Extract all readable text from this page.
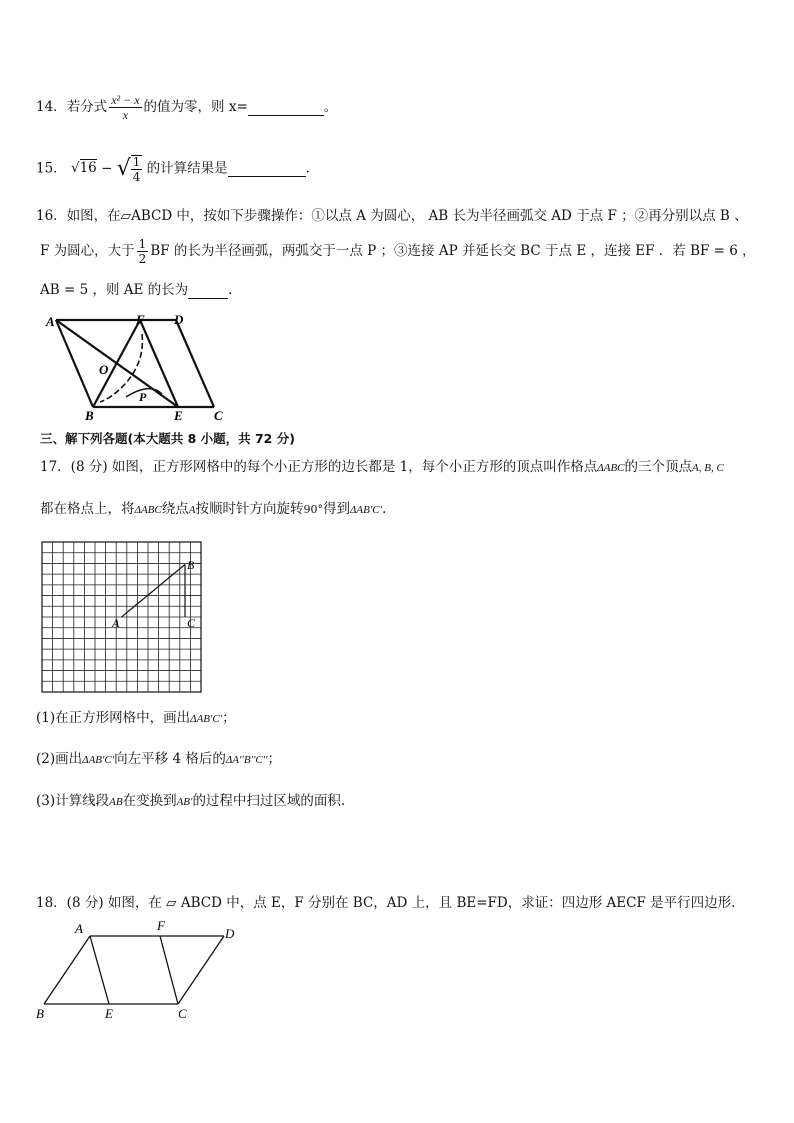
14．若分式 $\frac{\text{x² − x}}{x}$ 的值为零，则 x=	。
15． √16 − √ $\frac{1}{4}$ 的计算结果是	.
16．如图，在▱ABCD 中，按如下步骤操作：①以点 A 为圆心， AB 长为半径画弧交 AD 于点 F ；②再分别以点 B 、
F 为圆心，大于 $\frac{1}{2}$ BF 的长为半径画弧，两弧交于一点 P ；③连接 AP 并延长交 BC 于点 E ，连接 EF ．若 BF = 6 ，
AB = 5 ，则 AE 的长为	.
A	F D
O
P
B	E C
三、解下列各题(本大题共 8 小题，共 72 分)
17．(8 分) 如图，正方形网格中的每个小正方形的边长都是 1，每个小正方形的顶点叫作格点ΔABC的三个顶点A, B, C
都在格点上，将ΔABC绕点A按顺时针方向旋转90°得到ΔAB′C′.
A
B
C
(1)在正方形网格中，画出ΔAB′C′；
(2)画出ΔAB′C′向左平移 4 格后的ΔA′′B′′C′′；
(3)计算线段AB在变换到AB′的过程中扫过区域的面积.
18．(8 分) 如图，在 ▱ ABCD 中，点 E，F 分别在 BC，AD 上，且 BE=FD，求证：四边形 AECF 是平行四边形.
A	F
D
B	E	C
